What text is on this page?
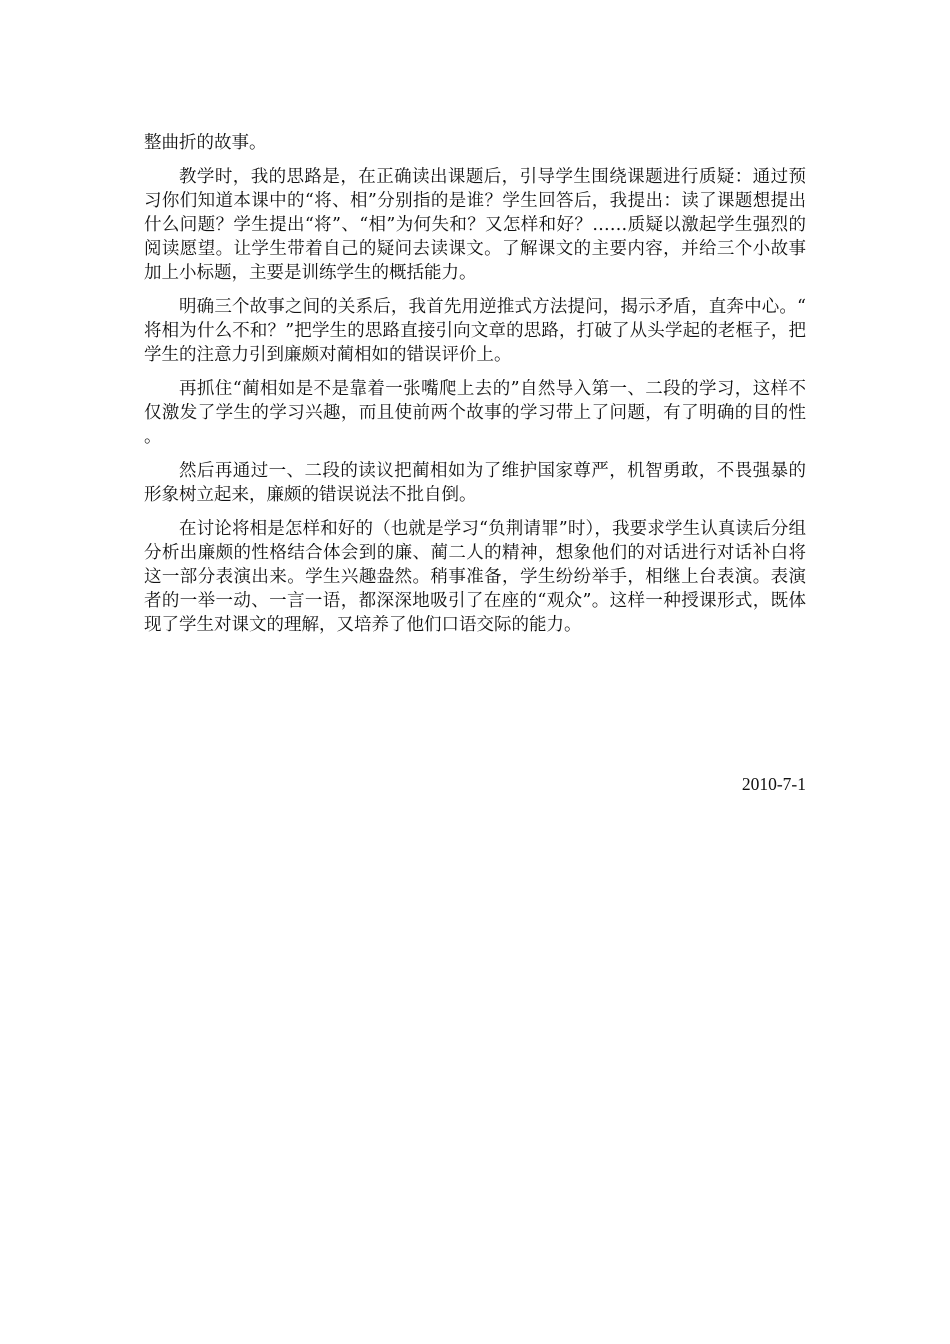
整曲折的故事。

教学时，我的思路是，在正确读出课题后，引导学生围绕课题进行质疑：通过预习你们知道本课中的“将、相”分别指的是谁？学生回答后，我提出：读了课题想提出什么问题？学生提出“将”、“相”为何失和？又怎样和好？……质疑以激起学生强烈的阅读愿望。让学生带着自己的疑问去读课文。了解课文的主要内容，并给三个小故事加上小标题，主要是训练学生的概括能力。

明确三个故事之间的关系后，我首先用逆推式方法提问，揭示矛盾，直奔中心。“将相为什么不和？”把学生的思路直接引向文章的思路，打破了从头学起的老框子，把学生的注意力引到廉颇对蔺相如的错误评价上。

再抓住“蔺相如是不是靠着一张嘴爬上去的”自然导入第一、二段的学习，这样不仅激发了学生的学习兴趣，而且使前两个故事的学习带上了问题，有了明确的目的性。

然后再通过一、二段的读议把蔺相如为了维护国家尊严，机智勇敢，不畏强暴的形象树立起来，廉颇的错误说法不批自倒。

在讨论将相是怎样和好的（也就是学习“负荆请罪”时），我要求学生认真读后分组分析出廉颇的性格结合体会到的廉、蔺二人的精神，想象他们的对话进行对话补白将这一部分表演出来。学生兴趣盎然。稍事准备，学生纷纷举手，相继上台表演。表演者的一举一动、一言一语，都深深地吸引了在座的“观众”。这样一种授课形式，既体现了学生对课文的理解，又培养了他们口语交际的能力。

2010-7-1
